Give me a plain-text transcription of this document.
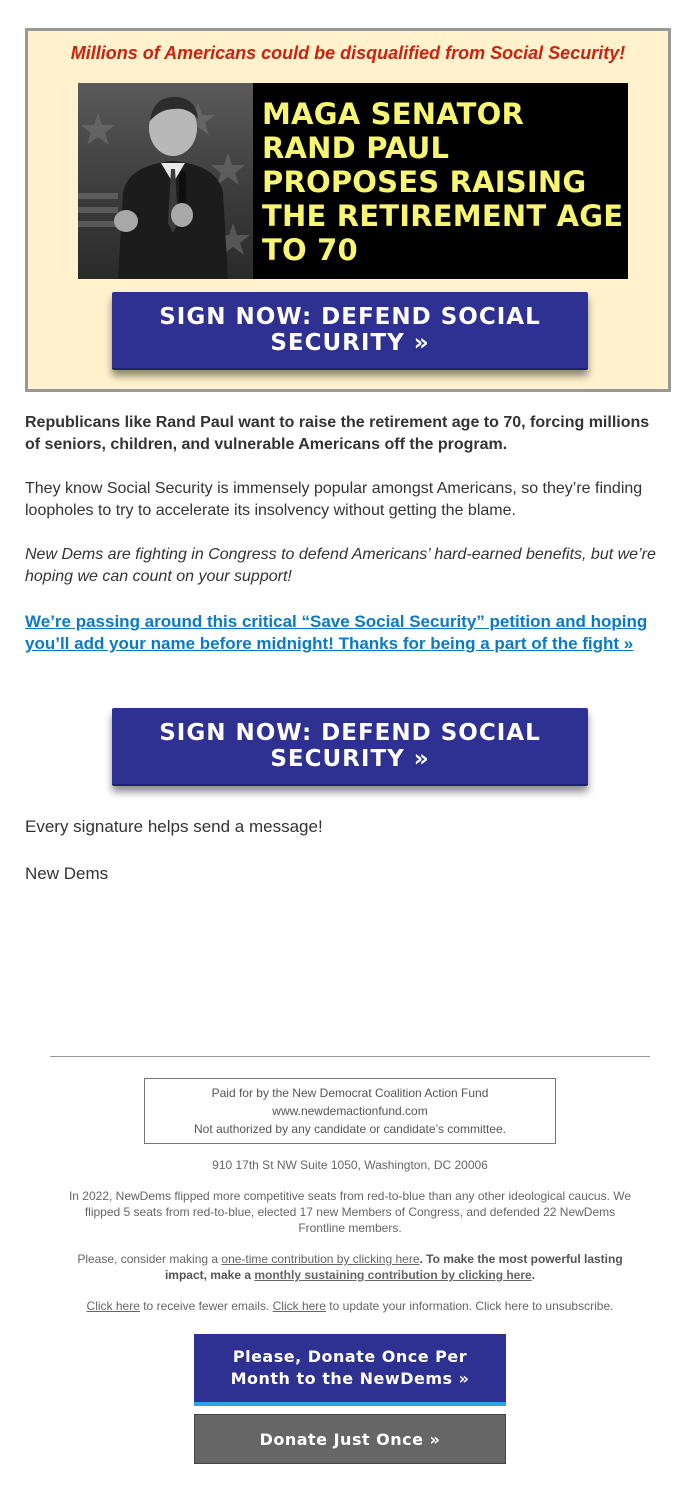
Millions of Americans could be disqualified from Social Security!
MAGA SENATOR
RAND PAUL
PROPOSES RAISING
THE RETIREMENT AGE
TO 70
SIGN NOW: DEFEND SOCIAL SECURITY »
Republicans like Rand Paul want to raise the retirement age to 70, forcing millions of seniors, children, and vulnerable Americans off the program.
They know Social Security is immensely popular amongst Americans, so they’re finding loopholes to try to accelerate its insolvency without getting the blame.
New Dems are fighting in Congress to defend Americans’ hard-earned benefits, but we’re hoping we can count on your support!
We’re passing around this critical “Save Social Security” petition and hoping you’ll add your name before midnight! Thanks for being a part of the fight »
SIGN NOW: DEFEND SOCIAL SECURITY »
Every signature helps send a message!
New Dems
Paid for by the New Democrat Coalition Action Fund
www.newdemactionfund.com
Not authorized by any candidate or candidate’s committee.
910 17th St NW Suite 1050, Washington, DC 20006
In 2022, NewDems flipped more competitive seats from red-to-blue than any other ideological caucus. We flipped 5 seats from red-to-blue, elected 17 new Members of Congress, and defended 22 NewDems Frontline members.
Please, consider making a one-time contribution by clicking here. To make the most powerful lasting impact, make a monthly sustaining contribution by clicking here.
Click here to receive fewer emails. Click here to update your information. Click here to unsubscribe.
Please, Donate Once Per Month to the NewDems »
Donate Just Once »
